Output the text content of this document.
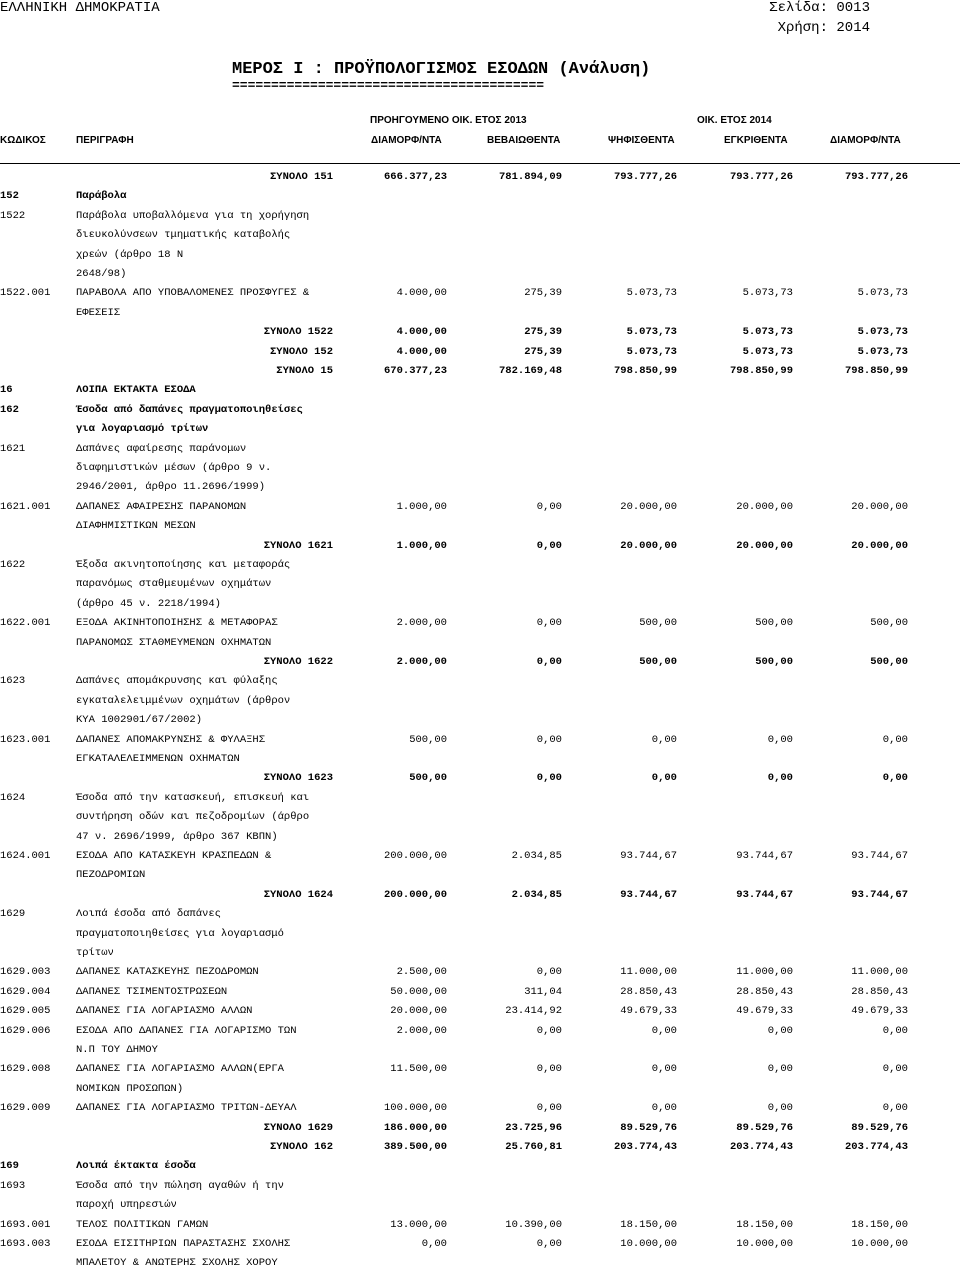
ΕΛΛΗΝΙΚΗ ΔΗΜΟΚΡΑΤΙΑ	Σελίδα: 0013
Χρήση: 2014
ΜΕΡΟΣ Ι : ΠΡΟΫΠΟΛΟΓΙΣΜΟΣ ΕΣΟΔΩΝ (Ανάλυση)
========================================
ΠΡΟΗΓΟΥΜΕΝΟ ΟΙΚ. ΕΤΟΣ 2013	ΟΙΚ. ΕΤΟΣ 2014
ΚΩΔΙΚΟΣ	ΠΕΡΙΓΡΑΦΗ	ΔΙΑΜΟΡΦ/ΝΤΑ	ΒΕΒΑΙΩΘΕΝΤΑ	ΨΗΦΙΣΘΕΝΤΑ	ΕΓΚΡΙΘΕΝΤΑ	ΔΙΑΜΟΡΦ/ΝΤΑ
ΣΥΝΟΛΟ 151	666.377,23	781.894,09	793.777,26	793.777,26	793.777,26
152	Παράβολα
1522	Παράβολα υποβαλλόμενα για τη χορήγηση
διευκολύνσεων τμηματικής καταβολής
χρεών (άρθρο 18 Ν
2648/98)
1522.001 ΠΑΡΑΒΟΛΑ ΑΠΟ ΥΠΟΒΑΛΟΜΕΝΕΣ ΠΡΟΣΦΥΓΕΣ &
ΕΦΕΣΕΙΣ
4.000,00	275,39	5.073,73	5.073,73	5.073,73
ΣΥΝΟΛΟ 1522	4.000,00	275,39	5.073,73	5.073,73	5.073,73
ΣΥΝΟΛΟ 152	4.000,00	275,39	5.073,73	5.073,73	5.073,73
ΣΥΝΟΛΟ 15	670.377,23	782.169,48	798.850,99	798.850,99	798.850,99
16	ΛΟΙΠΑ ΕΚΤΑΚΤΑ ΕΣΟΔΑ
162	Έσοδα από δαπάνες πραγματοποιηθείσες
για λογαριασμό τρίτων
1621	Δαπάνες αφαίρεσης παράνομων
διαφημιστικών μέσων (άρθρο 9 ν.
2946/2001, άρθρο 11.2696/1999)
1621.001 ΔΑΠΑΝΕΣ ΑΦΑΙΡΕΣΗΣ ΠΑΡΑΝΟΜΩΝ
ΔΙΑΦΗΜΙΣΤΙΚΩΝ ΜΕΣΩΝ
1.000,00	0,00	20.000,00	20.000,00	20.000,00
ΣΥΝΟΛΟ 1621	1.000,00	0,00	20.000,00	20.000,00	20.000,00
1622	Έξοδα ακινητοποίησης και μεταφοράς
παρανόμως σταθμευμένων οχημάτων
(άρθρο 45 ν. 2218/1994)
1622.001 ΕΞΟΔΑ ΑΚΙΝΗΤΟΠΟΙΗΣΗΣ & ΜΕΤΑΦΟΡΑΣ
ΠΑΡΑΝΟΜΩΣ ΣΤΑΘΜΕΥΜΕΝΩΝ ΟΧΗΜΑΤΩΝ
2.000,00	0,00	500,00	500,00	500,00
ΣΥΝΟΛΟ 1622	2.000,00	0,00	500,00	500,00	500,00
1623	Δαπάνες απομάκρυνσης και φύλαξης
εγκαταλελειμμένων οχημάτων (άρθρον
ΚΥΑ 1002901/67/2002)
1623.001 ΔΑΠΑΝΕΣ ΑΠΟΜΑΚΡΥΝΣΗΣ & ΦΥΛΑΞΗΣ
ΕΓΚΑΤΑΛΕΛΕΙΜΜΕΝΩΝ ΟΧΗΜΑΤΩΝ
500,00	0,00	0,00	0,00	0,00
ΣΥΝΟΛΟ 1623	500,00	0,00	0,00	0,00	0,00
1624	Έσοδα από την κατασκευή, επισκευή και
συντήρηση οδών και πεζοδρομίων (άρθρο
47 ν. 2696/1999, άρθρο 367 ΚΒΠΝ)
1624.001 ΕΣΟΔΑ ΑΠΟ ΚΑΤΑΣΚΕΥΗ ΚΡΑΣΠΕΔΩΝ &
ΠΕΖΟΔΡΟΜΙΩΝ
200.000,00	2.034,85	93.744,67	93.744,67	93.744,67
ΣΥΝΟΛΟ 1624	200.000,00	2.034,85	93.744,67	93.744,67	93.744,67
1629	Λοιπά έσοδα από δαπάνες
πραγματοποιηθείσες για λογαριασμό
τρίτων
1629.003 ΔΑΠΑΝΕΣ ΚΑΤΑΣΚΕΥΗΣ ΠΕΖΟΔΡΟΜΩΝ	2.500,00	0,00	11.000,00	11.000,00	11.000,00
1629.004 ΔΑΠΑΝΕΣ ΤΣΙΜΕΝΤΟΣΤΡΩΣΕΩΝ	50.000,00	311,04	28.850,43	28.850,43	28.850,43
1629.005 ΔΑΠΑΝΕΣ ΓΙΑ ΛΟΓΑΡΙΑΣΜΟ ΑΛΛΩΝ	20.000,00	23.414,92	49.679,33	49.679,33	49.679,33
1629.006 ΕΣΟΔΑ ΑΠΟ ΔΑΠΑΝΕΣ ΓΙΑ ΛΟΓΑΡΙΣΜΟ ΤΩΝ
Ν.Π ΤΟΥ ΔΗΜΟΥ
2.000,00	0,00	0,00	0,00	0,00
1629.008 ΔΑΠΑΝΕΣ ΓΙΑ ΛΟΓΑΡΙΑΣΜΟ ΑΛΛΩΝ(ΕΡΓΑ
ΝΟΜΙΚΩΝ ΠΡΟΣΩΠΩΝ)
11.500,00	0,00	0,00	0,00	0,00
1629.009 ΔΑΠΑΝΕΣ ΓΙΑ ΛΟΓΑΡΙΑΣΜΟ ΤΡΙΤΩΝ-ΔΕΥΑΛ	100.000,00	0,00	0,00	0,00	0,00
ΣΥΝΟΛΟ 1629	186.000,00	23.725,96	89.529,76	89.529,76	89.529,76
ΣΥΝΟΛΟ 162	389.500,00	25.760,81	203.774,43	203.774,43	203.774,43
169	Λοιπά έκτακτα έσοδα
1693	Έσοδα από την πώληση αγαθών ή την
παροχή υπηρεσιών
1693.001 ΤΕΛΟΣ ΠΟΛΙΤΙΚΩΝ ΓΑΜΩΝ	13.000,00	10.390,00	18.150,00	18.150,00	18.150,00
1693.003 ΕΣΟΔΑ ΕΙΣΙΤΗΡΙΩΝ ΠΑΡΑΣΤΑΣΗΣ ΣΧΟΛΗΣ
ΜΠΑΛΕΤΟΥ & ΑΝΩΤΕΡΗΣ ΣΧΟΛΗΣ ΧΟΡΟΥ
0,00	0,00	10.000,00	10.000,00	10.000,00
